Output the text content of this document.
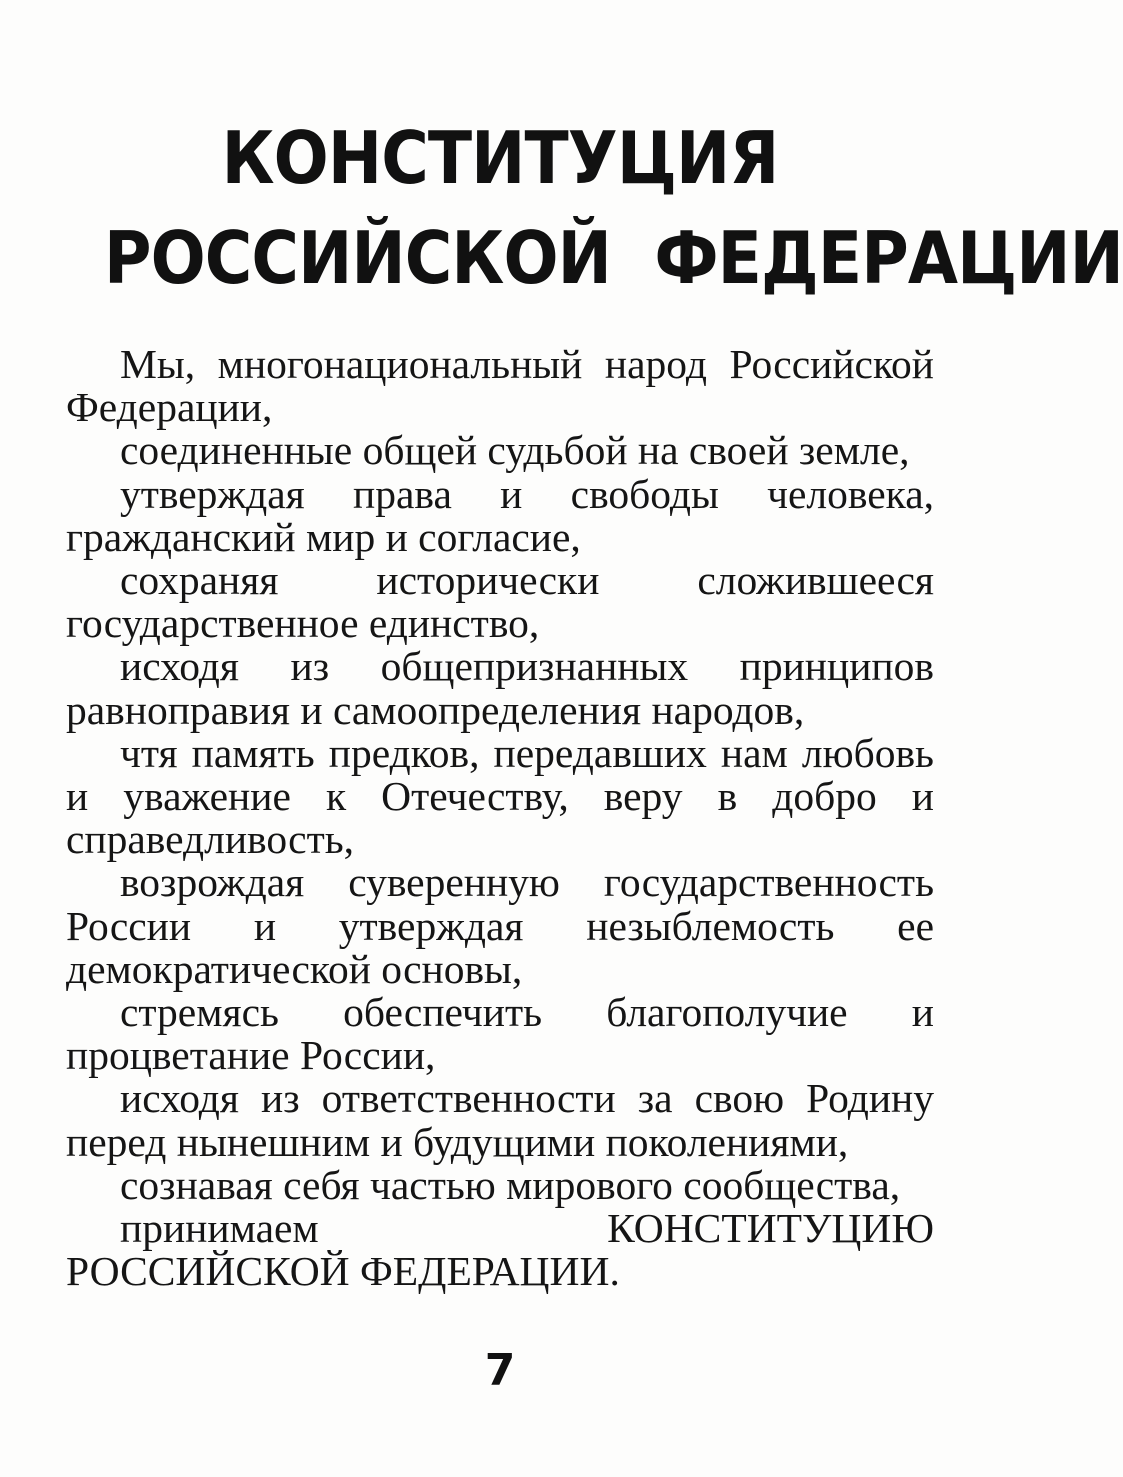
КОНСТИТУЦИЯ
РОССИЙСКОЙ  ФЕДЕРАЦИИ

Мы, многонациональный народ Российской Федерации,

соединенные общей судьбой на своей земле,

утверждая права и свободы человека, гражданский мир и согласие,

сохраняя исторически сложившееся государственное единство,

исходя из общепризнанных принципов равноправия и самоопределения народов,

чтя память предков, передавших нам любовь и уважение к Отечеству, веру в добро и справедливость,

возрождая суверенную государственность России и утверждая незыблемость ее демократической основы,

стремясь обеспечить благополучие и процветание России,

исходя из ответственности за свою Родину перед нынешним и будущими поколениями,

сознавая себя частью мирового сообщества,

принимаем КОНСТИТУЦИЮ РОССИЙСКОЙ ФЕДЕРАЦИИ.

7
